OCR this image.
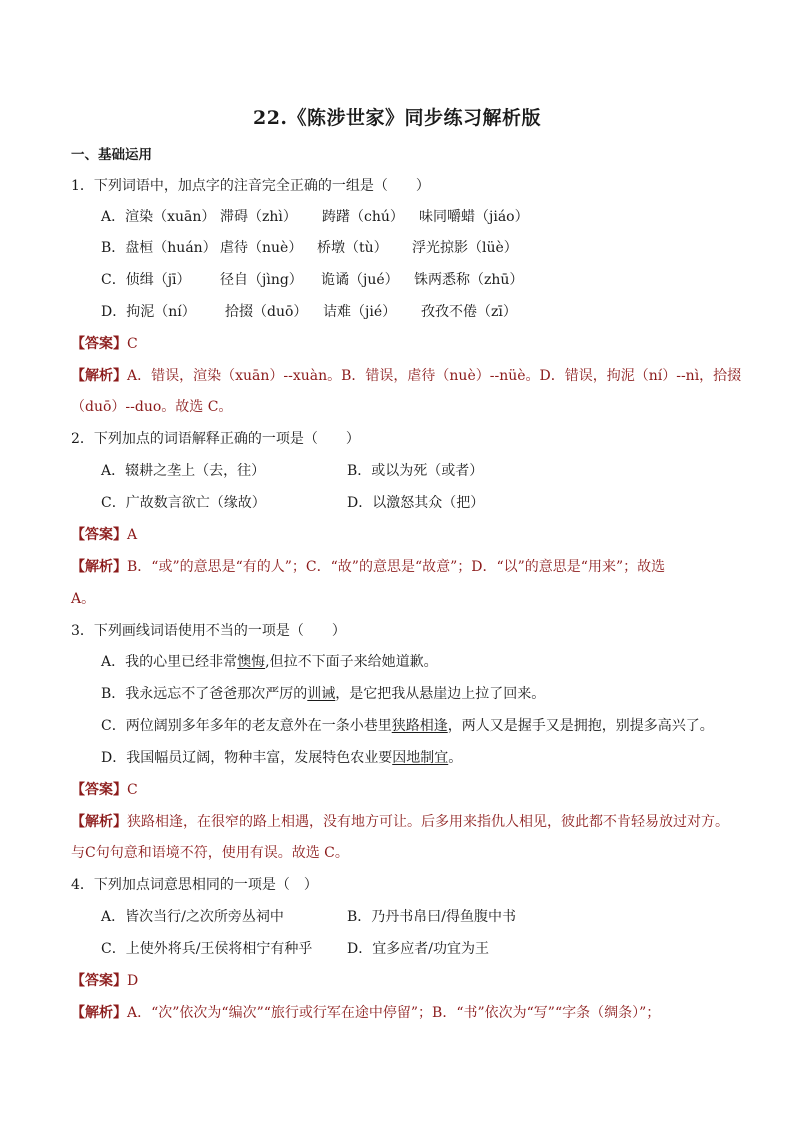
22.《陈涉世家》同步练习解析版
一、基础运用
1．下列词语中，加点字的注音完全正确的一组是（　　）
A．渲染（xuān） 滞碍（zhì） 踌躇（chú） 味同嚼蜡（jiáo）
B．盘桓（huán） 虐待（nuè） 桥墩（tù） 浮光掠影（lüè）
C．侦缉（jī） 径自（jìng） 诡谲（jué） 铢两悉称（zhū）
D．拘泥（ní） 拾掇（duō） 诘难（jié） 孜孜不倦（zī）
【答案】C
【解析】A．错误，渲染（xuān）--xuàn。B．错误，虐待（nuè）--nüè。D．错误，拘泥（ní）--nì，拾掇
（duō）--duo。故选 C。
2．下列加点的词语解释正确的一项是（　　）
A．辍耕之垄上（去，往）	B．或以为死（或者）
C．广故数言欲亡（缘故）	D．以激怒其众（把）
【答案】A
【解析】B．“或”的意思是“有的人”；C．“故”的意思是“故意”；D．“以”的意思是“用来”；故选
A。
3．下列画线词语使用不当的一项是（　　）
A．我的心里已经非常懊悔,但拉不下面子来给她道歉。
B．我永远忘不了爸爸那次严厉的训诫，是它把我从悬崖边上拉了回来。
C．两位阔别多年多年的老友意外在一条小巷里狭路相逢，两人又是握手又是拥抱，别提多高兴了。
D．我国幅员辽阔，物种丰富，发展特色农业要因地制宜。
【答案】C
【解析】狭路相逢，在很窄的路上相遇，没有地方可让。后多用来指仇人相见，彼此都不肯轻易放过对方。
与C句句意和语境不符，使用有误。故选 C。
4．下列加点词意思相同的一项是（　）
A．皆次当行/之次所旁丛祠中	B．乃丹书帛曰/得鱼腹中书
C．上使外将兵/王侯将相宁有种乎 D．宜多应者/功宜为王
【答案】D
【解析】A．“次”依次为“编次”“旅行或行军在途中停留”；B．“书”依次为“写”“字条（绸条）”；
